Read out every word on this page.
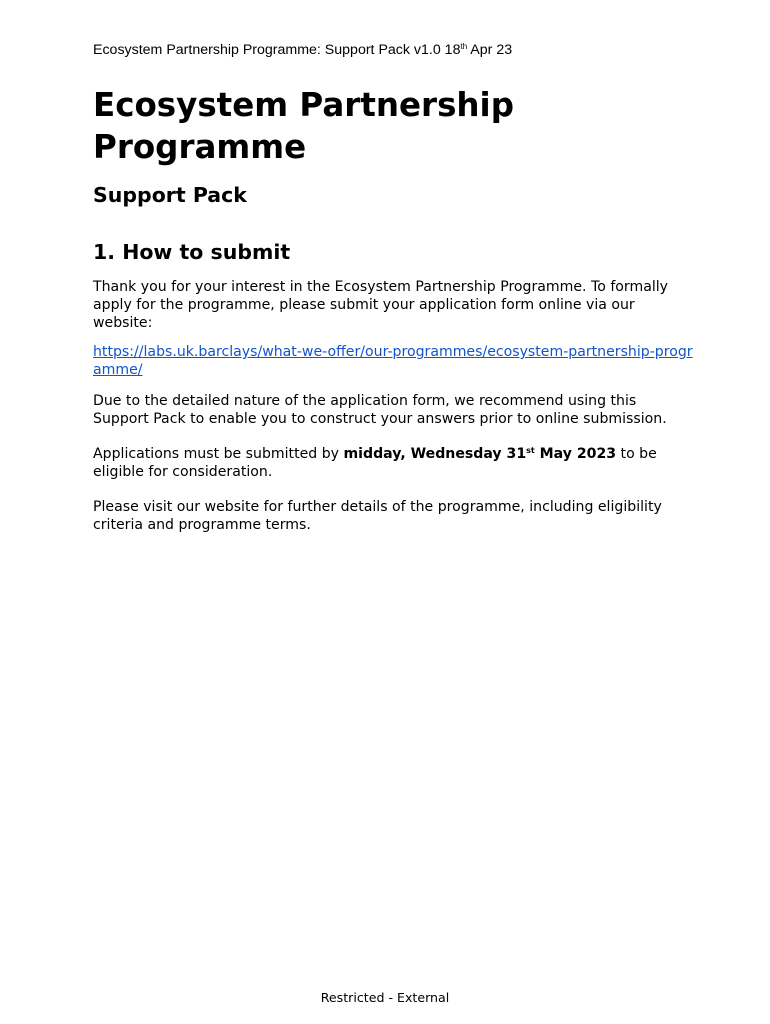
Ecosystem Partnership Programme: Support Pack v1.0 18th Apr 23
Ecosystem Partnership Programme
Support Pack
1. How to submit

Thank you for your interest in the Ecosystem Partnership Programme. To formally apply for the programme, please submit your application form online via our website:

https://labs.uk.barclays/what-we-offer/our-programmes/ecosystem-partnership-programme/

Due to the detailed nature of the application form, we recommend using this Support Pack to enable you to construct your answers prior to online submission.

Applications must be submitted by midday, Wednesday 31st May 2023 to be eligible for consideration.

Please visit our website for further details of the programme, including eligibility criteria and programme terms.

Restricted - External
